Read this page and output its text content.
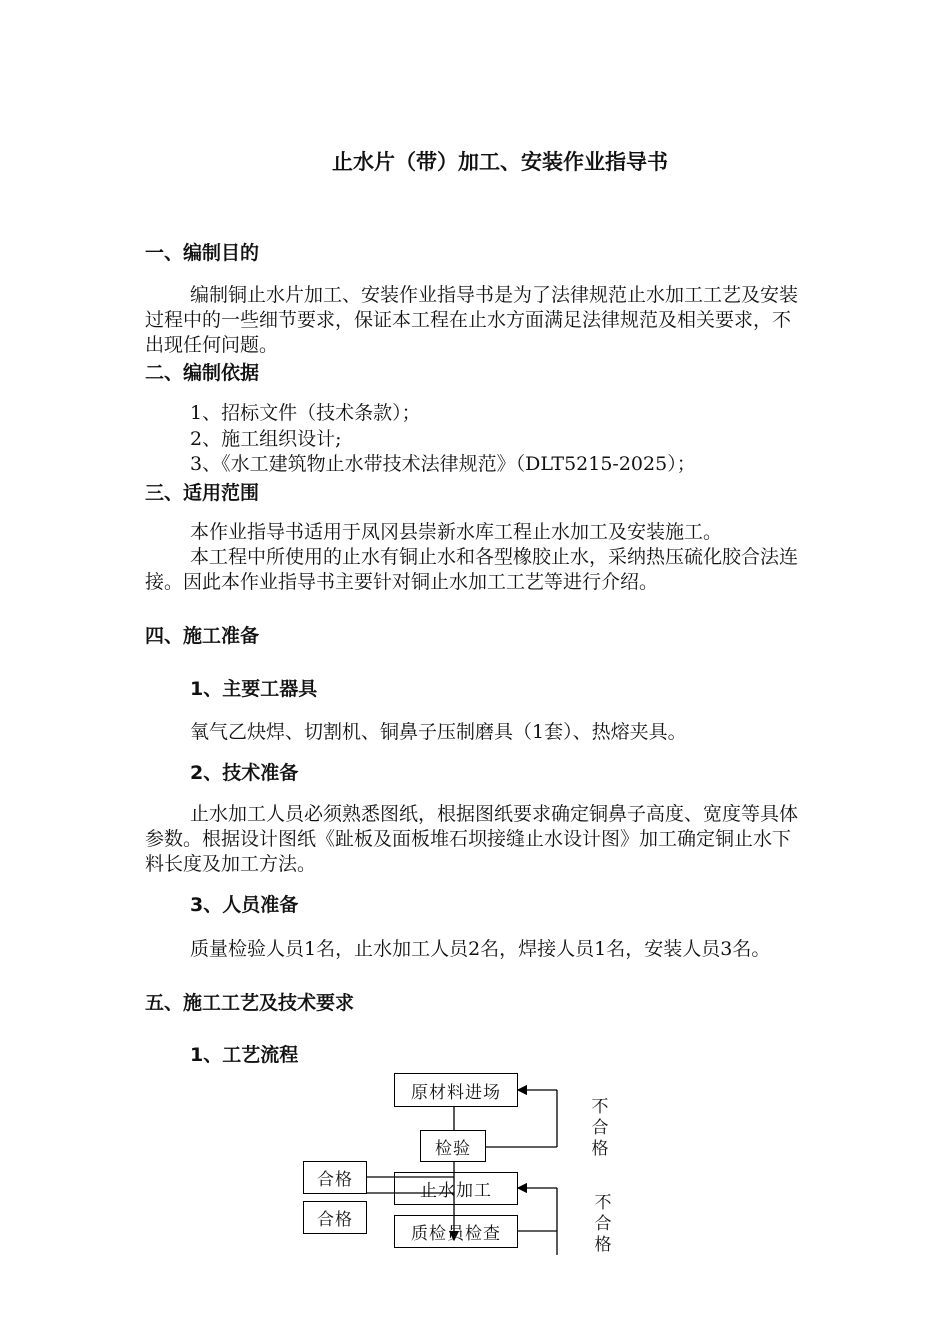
止水片（带）加工、安装作业指导书
一、编制目的

编制铜止水片加工、安装作业指导书是为了法律规范止水加工工艺及安装过程中的一些细节要求，保证本工程在止水方面满足法律规范及相关要求，不出现任何问题。

二、编制依据
1、招标文件（技术条款）；
2、施工组织设计;
3、《水工建筑物止水带技术法律规范》（DLT5215-2025）；
三、适用范围

本作业指导书适用于凤冈县崇新水库工程止水加工及安装施工。

本工程中所使用的止水有铜止水和各型橡胶止水，采纳热压硫化胶合法连接。因此本作业指导书主要针对铜止水加工工艺等进行介绍。

四、施工准备
1、主要工器具
氧气乙炔焊、切割机、铜鼻子压制磨具（1套）、热熔夹具。
2、技术准备

止水加工人员必须熟悉图纸，根据图纸要求确定铜鼻子高度、宽度等具体参数。根据设计图纸《趾板及面板堆石坝接缝止水设计图》加工确定铜止水下料长度及加工方法。

3、人员准备

质量检验人员1名，止水加工人员2名，焊接人员1名，安装人员3名。

五、施工工艺及技术要求
1、工艺流程
原材料进场
检验
止水加工
质检员检查
合格
合格
不合格
不合格
